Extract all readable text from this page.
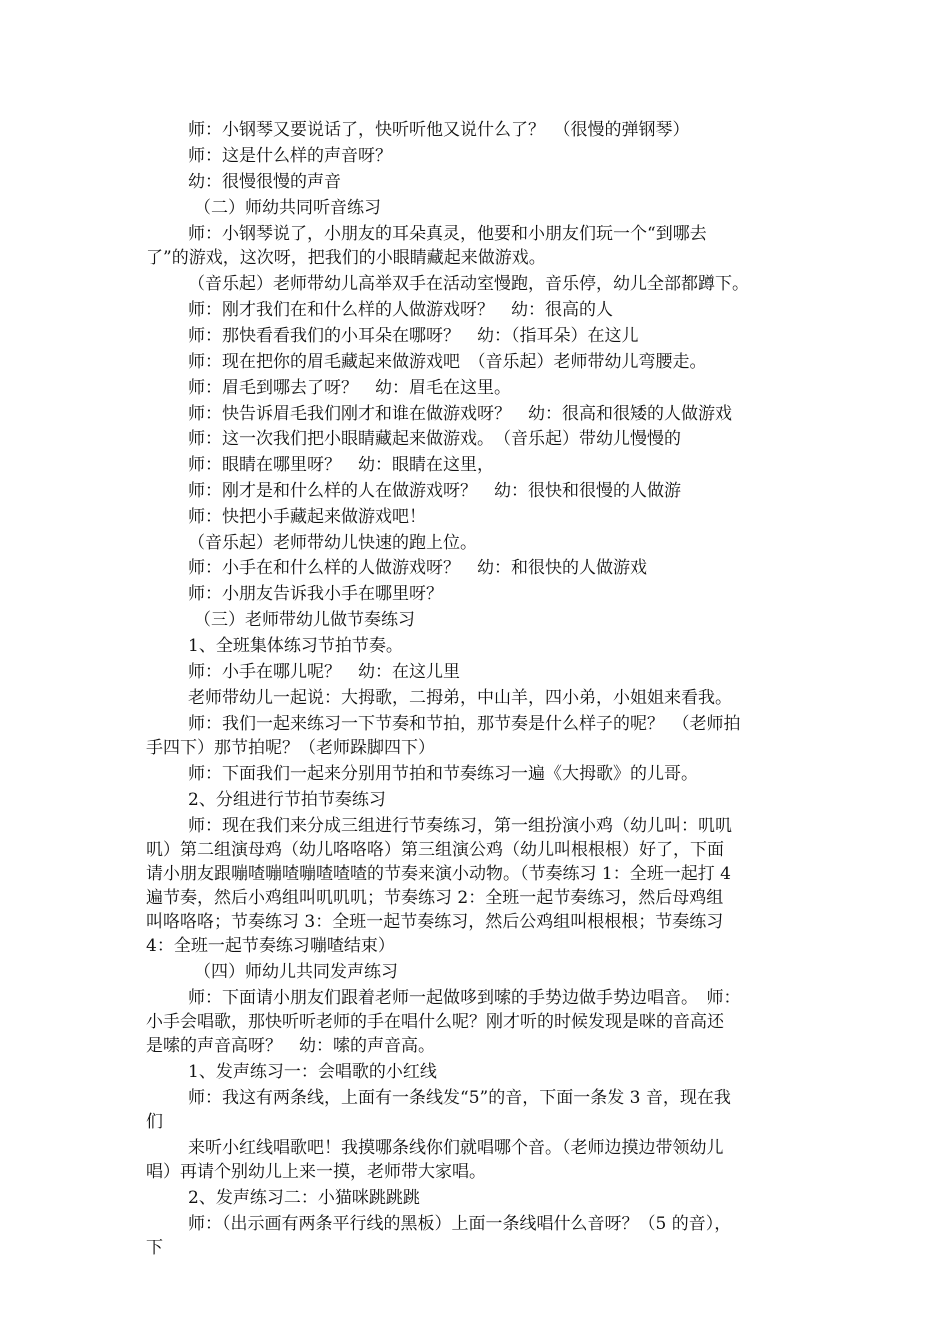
师：小钢琴又要说话了，快听听他又说什么了？　（很慢的弹钢琴）
师：这是什么样的声音呀？
幼：很慢很慢的声音
（二）师幼共同听音练习
师：小钢琴说了，小朋友的耳朵真灵，他要和小朋友们玩一个“到哪去
了”的游戏，这次呀，把我们的小眼睛藏起来做游戏。
（音乐起）老师带幼儿高举双手在活动室慢跑，音乐停，幼儿全部都蹲下。
师：刚才我们在和什么样的人做游戏呀？　幼：很高的人
师：那快看看我们的小耳朵在哪呀？　幼：（指耳朵）在这儿
师：现在把你的眉毛藏起来做游戏吧　（音乐起）老师带幼儿弯腰走。
师：眉毛到哪去了呀？　幼：眉毛在这里。
师：快告诉眉毛我们刚才和谁在做游戏呀？　幼：很高和很矮的人做游戏
师：这一次我们把小眼睛藏起来做游戏。　（音乐起）带幼儿慢慢的
师：眼睛在哪里呀？　幼：眼睛在这里，
师：刚才是和什么样的人在做游戏呀？　幼：很快和很慢的人做游
师：快把小手藏起来做游戏吧！
（音乐起）老师带幼儿快速的跑上位。
师：小手在和什么样的人做游戏呀？　幼：和很快的人做游戏
师：小朋友告诉我小手在哪里呀？
（三）老师带幼儿做节奏练习
1、全班集体练习节拍节奏。
师：小手在哪儿呢？　幼：在这儿里
老师带幼儿一起说：大拇歌，二拇弟，中山羊，四小弟，小姐姐来看我。
师：我们一起来练习一下节奏和节拍，那节奏是什么样子的呢？　（老师拍
手四下）那节拍呢？（老师跺脚四下）
师：下面我们一起来分别用节拍和节奏练习一遍《大拇歌》的儿哥。
2、分组进行节拍节奏练习
师：现在我们来分成三组进行节奏练习，第一组扮演小鸡（幼儿叫：叽叽
叽）第二组演母鸡（幼儿咯咯咯）第三组演公鸡（幼儿叫根根根）好了，下面
请小朋友跟嘣喳嘣喳嘣喳喳喳的节奏来演小动物。（节奏练习 1：全班一起打 4
遍节奏，然后小鸡组叫叽叽叽；节奏练习 2：全班一起节奏练习，然后母鸡组
叫咯咯咯；节奏练习 3：全班一起节奏练习，然后公鸡组叫根根根；节奏练习
4：全班一起节奏练习嘣喳结束）
（四）师幼儿共同发声练习
师：下面请小朋友们跟着老师一起做哆到嗦的手势边做手势边唱音。　师：
小手会唱歌，那快听听老师的手在唱什么呢？刚才听的时候发现是咪的音高还
是嗦的声音高呀？　幼：嗦的声音高。
1、发声练习一：会唱歌的小红线
师：我这有两条线，上面有一条线发“5”的音，下面一条发 3 音，现在我
们
来听小红线唱歌吧！我摸哪条线你们就唱哪个音。（老师边摸边带领幼儿
唱）再请个别幼儿上来一摸，老师带大家唱。
2、发声练习二：小猫咪跳跳跳
师：（出示画有两条平行线的黑板）上面一条线唱什么音呀？（5 的音），
下
